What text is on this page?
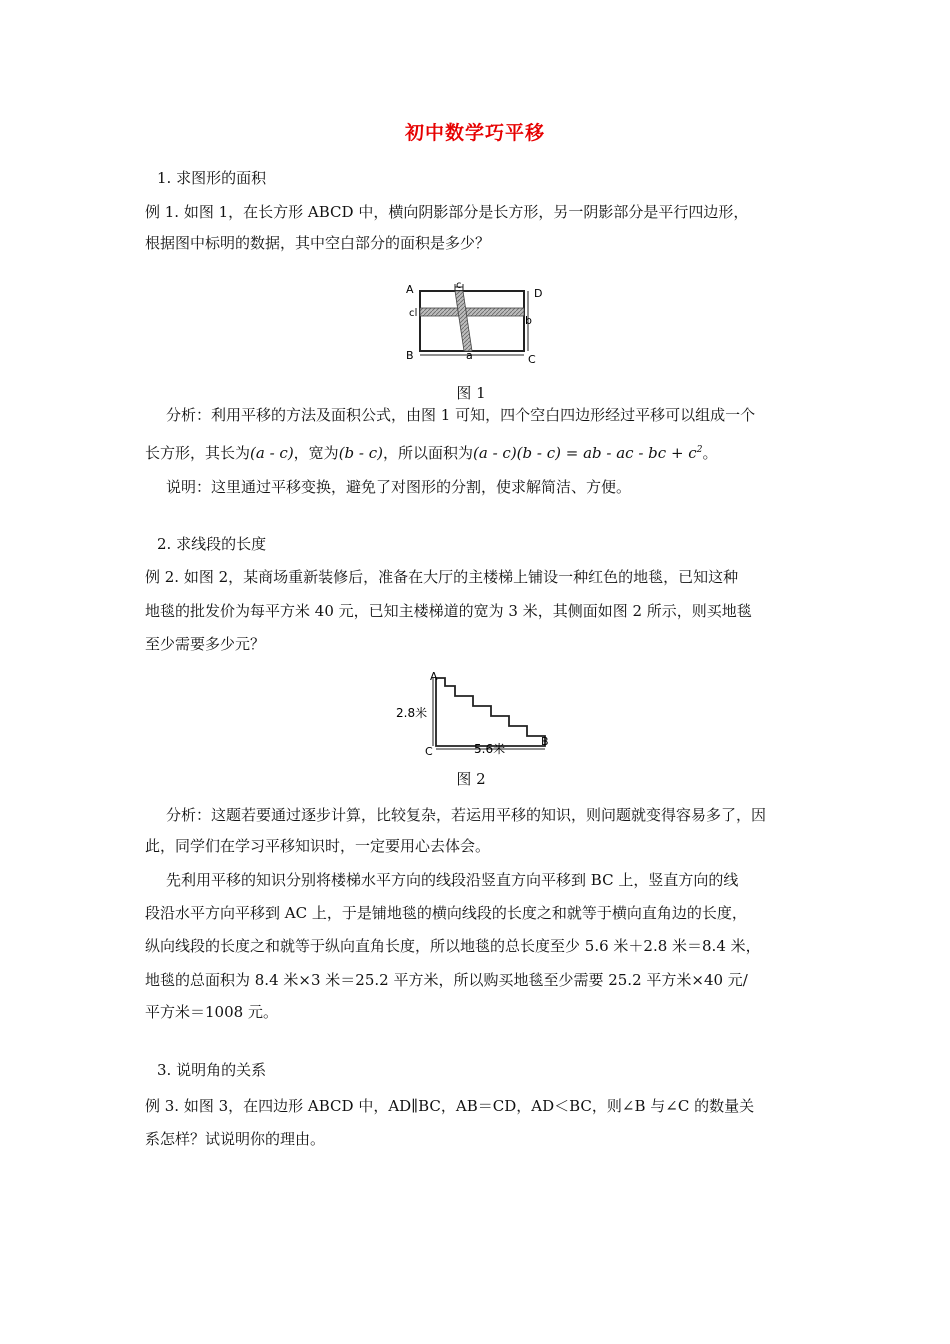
初中数学巧平移
1. 求图形的面积
例 1. 如图 1，在长方形 ABCD 中，横向阴影部分是长方形，另一阴影部分是平行四边形，
根据图中标明的数据，其中空白部分的面积是多少？
A
c
B
c
D
b
C
a
图 1
分析：利用平移的方法及面积公式，由图 1 可知，四个空白四边形经过平移可以组成一个
长方形，其长为(a - c)，宽为(b - c)，所以面积为(a - c)(b - c) = ab - ac - bc + $c^2$。
说明：这里通过平移变换，避免了对图形的分割，使求解简洁、方便。
2. 求线段的长度
例 2. 如图 2，某商场重新装修后，准备在大厅的主楼梯上铺设一种红色的地毯，已知这种
地毯的批发价为每平方米 40 元，已知主楼梯道的宽为 3 米，其侧面如图 2 所示，则买地毯
至少需要多少元？
A
2.8米
C	5.6米
B
图 2
分析：这题若要通过逐步计算，比较复杂，若运用平移的知识，则问题就变得容易多了，因
此，同学们在学习平移知识时，一定要用心去体会。
先利用平移的知识分别将楼梯水平方向的线段沿竖直方向平移到 BC 上，竖直方向的线
段沿水平方向平移到 AC 上，于是铺地毯的横向线段的长度之和就等于横向直角边的长度，
纵向线段的长度之和就等于纵向直角长度，所以地毯的总长度至少 5.6 米＋2.8 米＝8.4 米，
地毯的总面积为 8.4 米×3 米＝25.2 平方米，所以购买地毯至少需要 25.2 平方米×40 元/
平方米＝1008 元。
3. 说明角的关系
例 3. 如图 3，在四边形 ABCD 中，AD∥BC，AB＝CD，AD＜BC，则∠B 与∠C 的数量关
系怎样？试说明你的理由。
